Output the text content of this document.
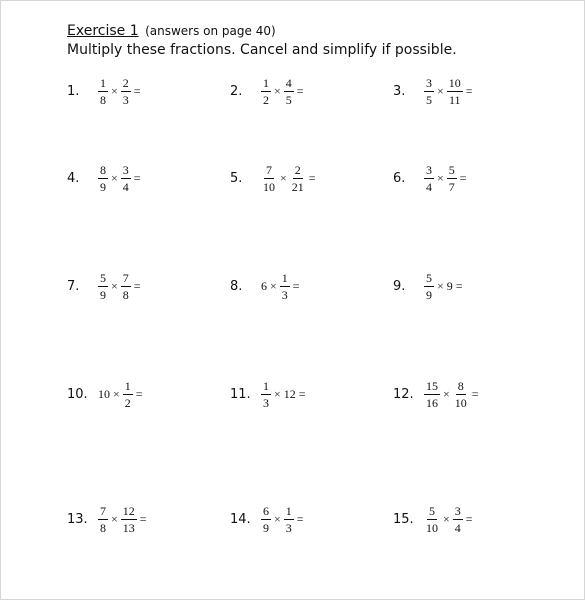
Exercise 1 (answers on page 40)
Multiply these fractions. Cancel and simplify if possible.
1.	$\frac{1}{8} \times \frac{2}{3}$ =	2.	$\frac{1}{2} \times \frac{4}{5}$ =	3.	$\frac{3}{5} \times \frac{10}{11}$ =
4.	$\frac{8}{9} \times \frac{3}{4}$ =	5.	$\frac{7}{10} \times \frac{2}{21}$ =	6.	$\frac{3}{4} \times \frac{5}{7}$ =
7.	$\frac{5}{9} \times \frac{7}{8}$ =	8.	$6 \times \frac{1}{3}$ =	9.	$\frac{5}{9} \times 9$ =
10. $10 \times \frac{1}{2}$ =	11. $\frac{1}{3} \times 12$ =	12. $\frac{15}{16} \times \frac{8}{10}$ =
13. $\frac{7}{8} \times \frac{12}{13}$ =	14. $\frac{6}{9} \times \frac{1}{3}$ =	15. $\frac{5}{10} \times \frac{3}{4}$ =
